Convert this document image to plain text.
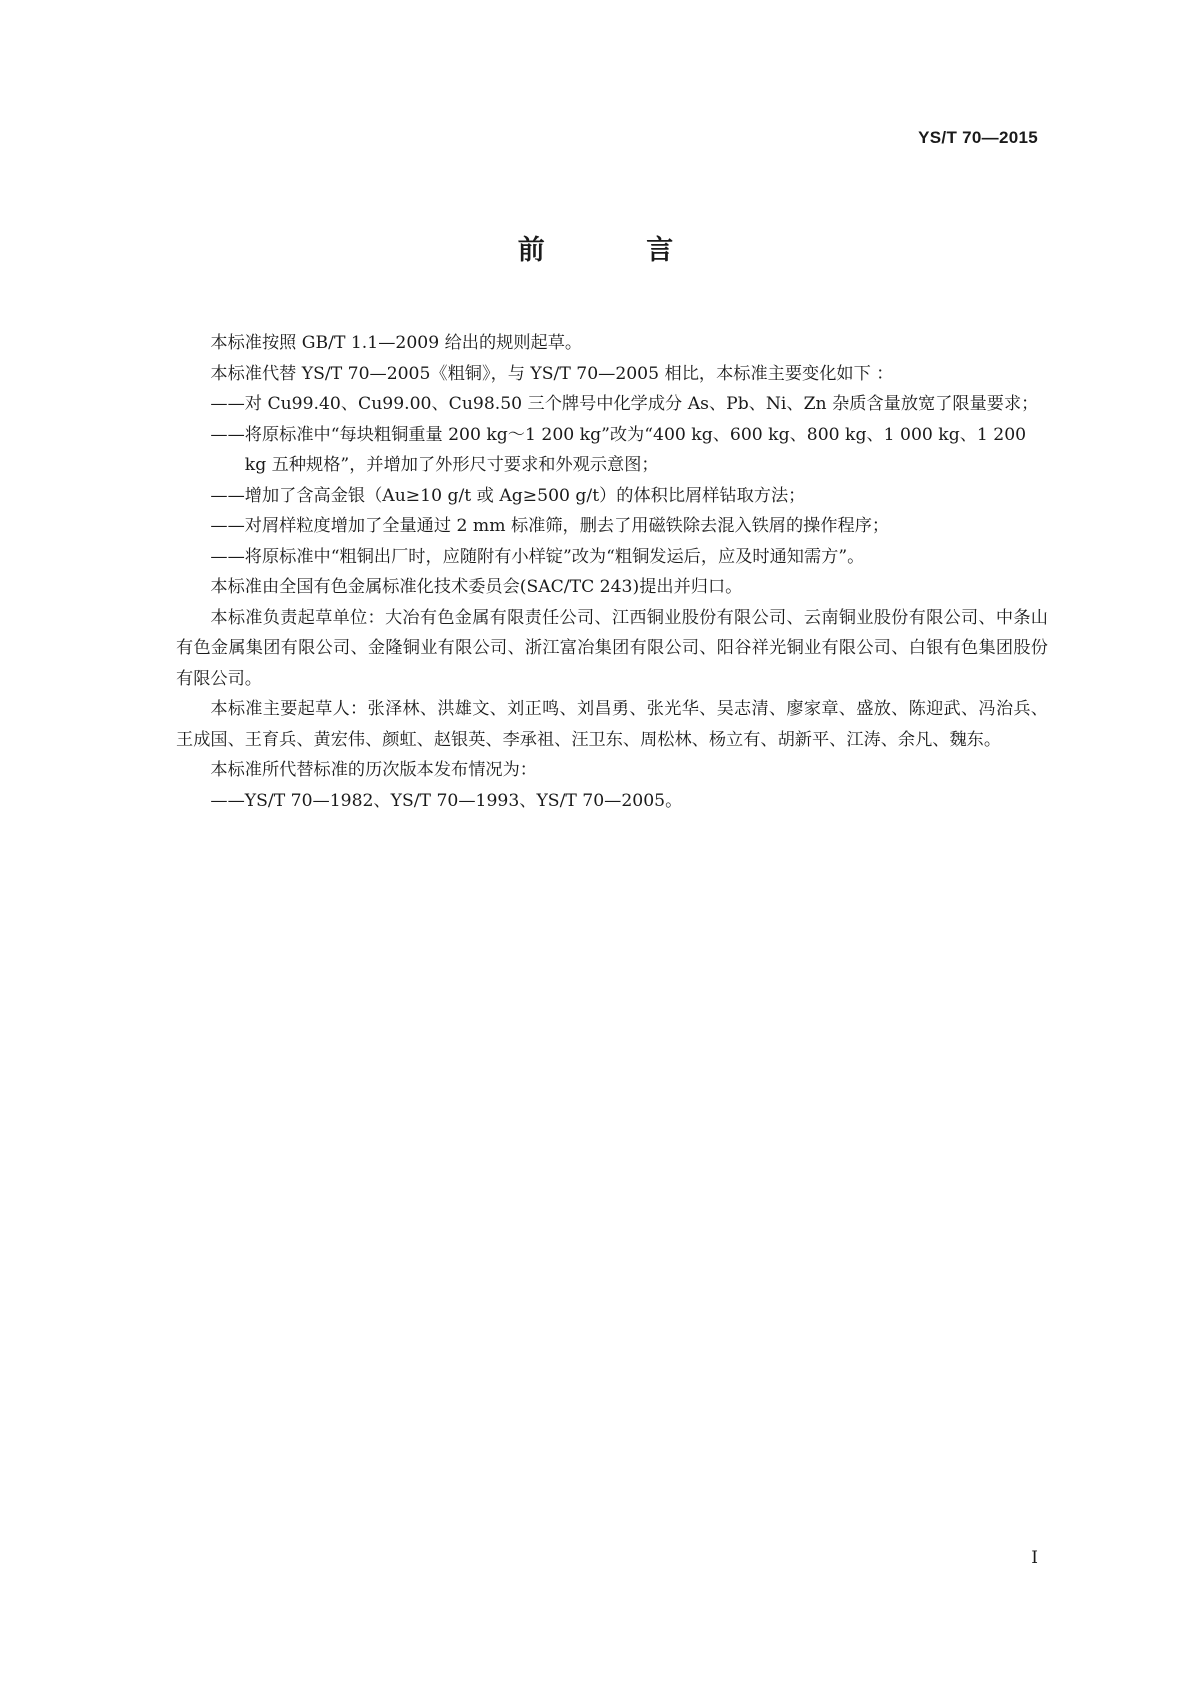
YS/T 70—2015
前 言

本标准按照 GB/T 1.1—2009 给出的规则起草。

本标准代替 YS/T 70—2005《粗铜》，与 YS/T 70—2005 相比，本标准主要变化如下 ：

—— 对 Cu99.40、Cu99.00、Cu98.50 三个牌号中化学成分 As、Pb、Ni、Zn 杂质含量放宽了限量要求；
—— 将原标准中“每块粗铜重量 200 kg～1 200 kg”改为“400 kg、600 kg、800 kg、1 000 kg、1 200 kg 五种规格”，并增加了外形尺寸要求和外观示意图；
—— 增加了含高金银（Au≥10 g/t 或 Ag≥500 g/t）的体积比屑样钻取方法；
—— 对屑样粒度增加了全量通过 2 mm 标准筛，删去了用磁铁除去混入铁屑的操作程序；
—— 将原标准中“粗铜出厂时，应随附有小样锭”改为“粗铜发运后，应及时通知需方”。

本标准由全国有色金属标准化技术委员会(SAC/TC 243)提出并归口。

本标准负责起草单位：大冶有色金属有限责任公司、江西铜业股份有限公司、云南铜业股份有限公司、中条山有色金属集团有限公司、金隆铜业有限公司、浙江富冶集团有限公司、阳谷祥光铜业有限公司、白银有色集团股份有限公司。

本标准主要起草人：张泽林、洪雄文、刘正鸣、刘昌勇、张光华、吴志清、廖家章、盛放、陈迎武、冯治兵、王成国、王育兵、黄宏伟、颜虹、赵银英、李承祖、汪卫东、周松林、杨立有、胡新平、江涛、余凡、魏东。

本标准所代替标准的历次版本发布情况为：

—— YS/T 70—1982、YS/T 70—1993、YS/T 70—2005。
I
